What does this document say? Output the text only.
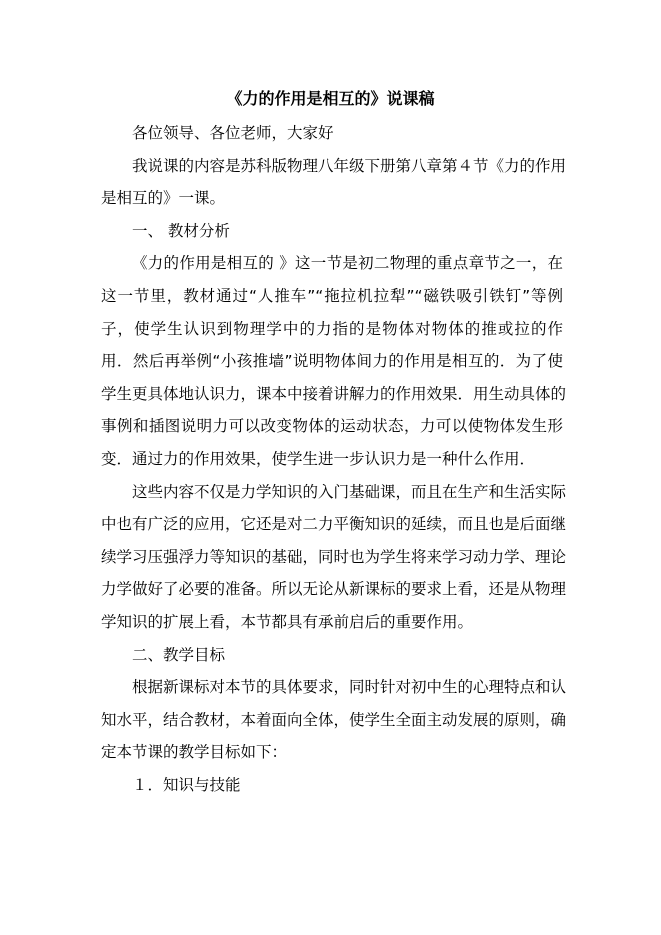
《力的作用是相互的》说课稿

各位领导、各位老师，大家好

我说课的内容是苏科版物理八年级下册第八章第４节《力的作用
是相互的》一课。

一、 教材分析

《力的作用是相互的 》这一节是初二物理的重点章节之一，在
这一节里，教材通过“人推车”“拖拉机拉犁”“磁铁吸引铁钉”等例
子，使学生认识到物理学中的力指的是物体对物体的推或拉的作
用．然后再举例“小孩推墙”说明物体间力的作用是相互的．为了使
学生更具体地认识力，课本中接着讲解力的作用效果．用生动具体的
事例和插图说明力可以改变物体的运动状态，力可以使物体发生形
变．通过力的作用效果，使学生进一步认识力是一种什么作用．
这些内容不仅是力学知识的入门基础课，而且在生产和生活实际
中也有广泛的应用，它还是对二力平衡知识的延续，而且也是后面继
续学习压强浮力等知识的基础，同时也为学生将来学习动力学、理论
力学做好了必要的准备。所以无论从新课标的要求上看，还是从物理
学知识的扩展上看，本节都具有承前启后的重要作用。

二、教学目标

根据新课标对本节的具体要求，同时针对初中生的心理特点和认
知水平，结合教材，本着面向全体，使学生全面主动发展的原则，确
定本节课的教学目标如下：

１．知识与技能
